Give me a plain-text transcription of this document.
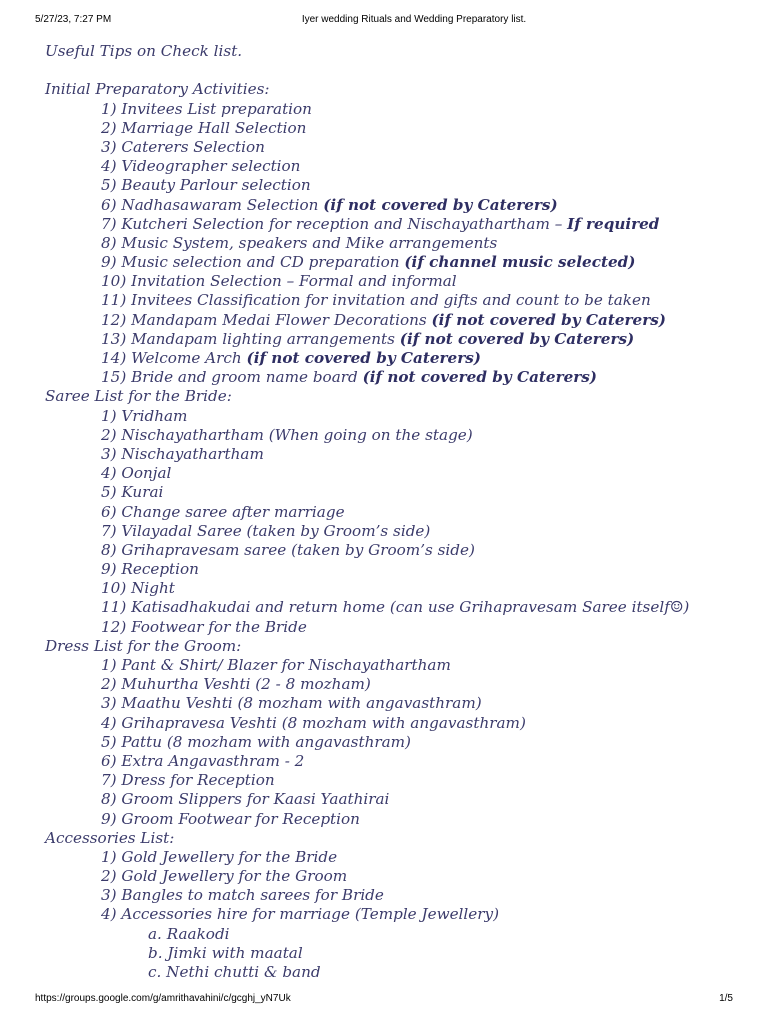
5/27/23, 7:27 PM	Iyer wedding Rituals and Wedding Preparatory list.
Useful Tips on Check list.
Initial Preparatory Activities:
1) Invitees List preparation
2) Marriage Hall Selection
3) Caterers Selection
4) Videographer selection
5) Beauty Parlour selection
6) Nadhasawaram Selection (if not covered by Caterers)
7) Kutcheri Selection for reception and Nischayathartham – If required
8) Music System, speakers and Mike arrangements
9) Music selection and CD preparation (if channel music selected)
10) Invitation Selection – Formal and informal
11) Invitees Classification for invitation and gifts and count to be taken
12) Mandapam Medai Flower Decorations (if not covered by Caterers)
13) Mandapam lighting arrangements (if not covered by Caterers)
14) Welcome Arch (if not covered by Caterers)
15) Bride and groom name board (if not covered by Caterers)
Saree List for the Bride:
1) Vridham
2) Nischayathartham (When going on the stage)
3) Nischayathartham
4) Oonjal
5) Kurai
6) Change saree after marriage
7) Vilayadal Saree (taken by Groom’s side)
8) Grihapravesam saree (taken by Groom’s side)
9) Reception
10) Night
11) Katisadhakudai and return home (can use Grihapravesam Saree itself☺)
12) Footwear for the Bride
Dress List for the Groom:
1) Pant & Shirt/ Blazer for Nischayathartham
2) Muhurtha Veshti (2 - 8 mozham)
3) Maathu Veshti (8 mozham with angavasthram)
4) Grihapravesa Veshti (8 mozham with angavasthram)
5) Pattu (8 mozham with angavasthram)
6) Extra Angavasthram - 2
7) Dress for Reception
8) Groom Slippers for Kaasi Yaathirai
9) Groom Footwear for Reception
Accessories List:
1) Gold Jewellery for the Bride
2) Gold Jewellery for the Groom
3) Bangles to match sarees for Bride
4) Accessories hire for marriage (Temple Jewellery)
a. Raakodi
b. Jimki with maatal
c. Nethi chutti & band
https://groups.google.com/g/amrithavahini/c/gcghj_yN7Uk	1/5
